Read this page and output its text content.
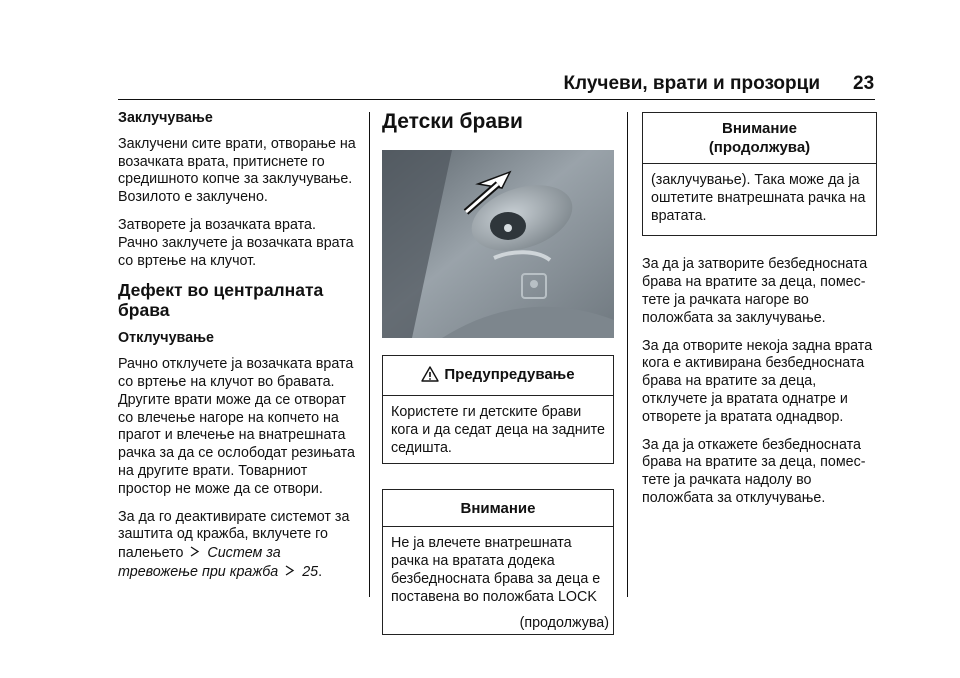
Клучеви, врати и прозорци 23
Заклучување

Заклучени сите врати, отворање на возачката врата, притиснете го средишното копче за заклучување. Возилото е заклучено.

Затворете ја возачката врата. Рачно заклучете ја возачката врата со вртење на клучот.

Дефект во централната брава
Отклучување

Рачно отклучете ја возачката врата со вртење на клучот во бравата. Другите врати може да се отворат со влечење нагоре на копчето на прагот и влечење на внатрешната рачка за да се ослободат резињата на другите врати. Товарниот простор не може да се отвори.

За да го деактивирате системот за заштита од кражба, вклучете го палењето Систем за тревожење при кражба 25.

Детски брави
Предупредување
Користете ги детските брави кога и да седат деца на задните седишта.
Внимание
Не ја влечете внатрешната рачка на вратата додека безбедносната брава за деца е поставена во положбата LOCK
(продолжува)
Внимание
(продолжува)
(заклучување). Така може да ја оштетите внатрешната рачка на вратата.

За да ја затворите безбедносната брава на вратите за деца, помес- тете ја рачката нагоре во положбата за заклучување.

За да отворите некоја задна врата кога е активирана безбедносната брава на вратите за деца, отклучете ја вратата однатре и отворете ја вратата однадвор.

За да ја откажете безбедносната брава на вратите за деца, помес- тете ја рачката надолу во положбата за отклучување.
